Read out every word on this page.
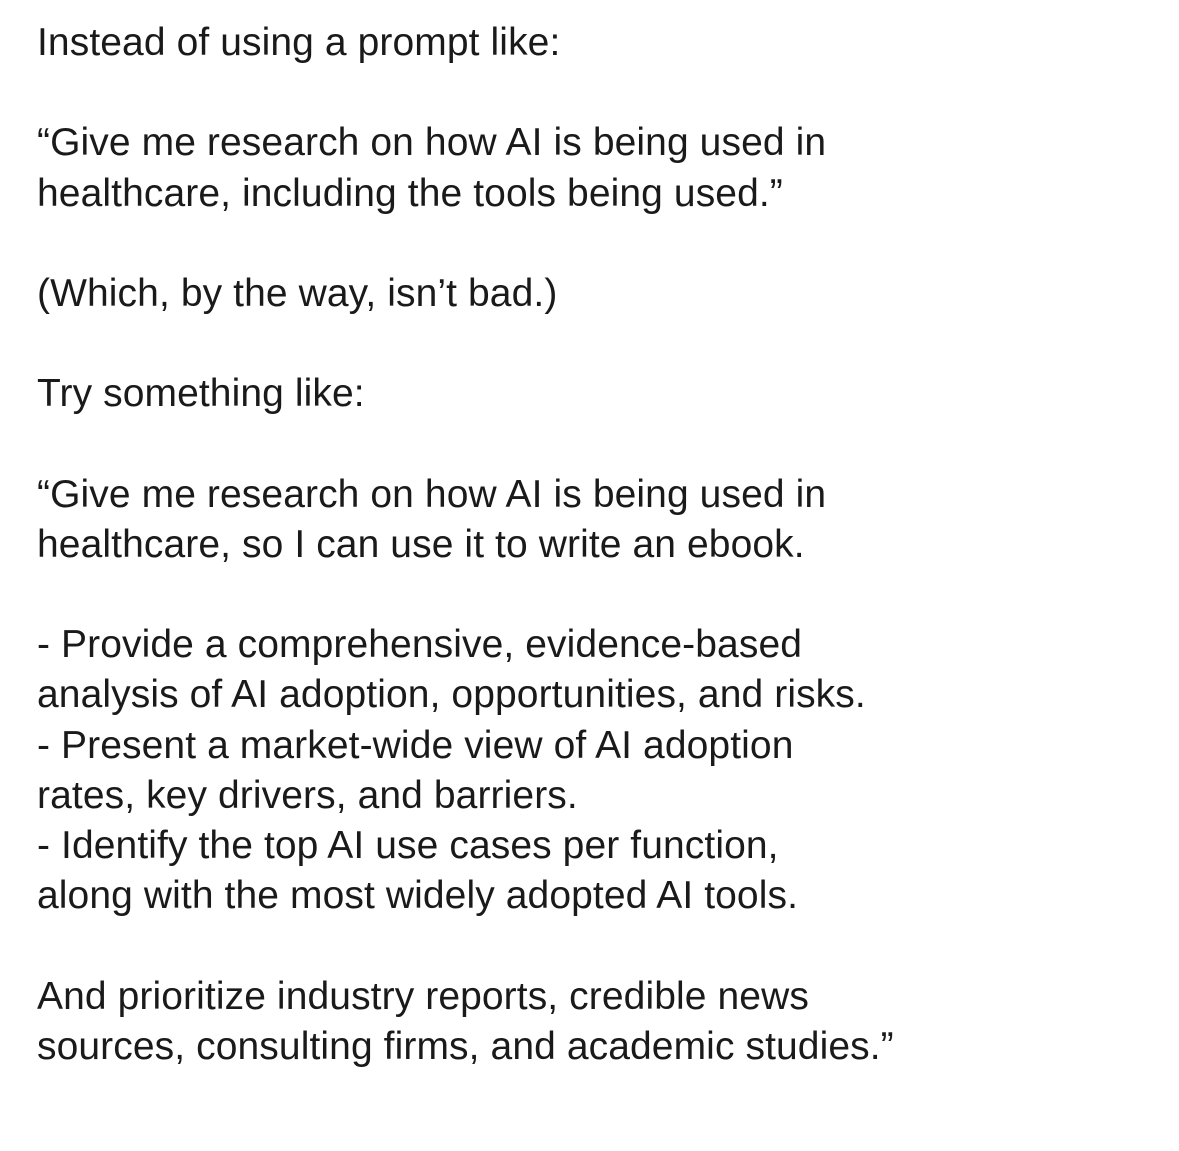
Instead of using a prompt like:
“Give me research on how AI is being used in
healthcare, including the tools being used.”
(Which, by the way, isn’t bad.)
Try something like:
“Give me research on how AI is being used in
healthcare, so I can use it to write an ebook.
- Provide a comprehensive, evidence-based
analysis of AI adoption, opportunities, and risks.
- Present a market-wide view of AI adoption
rates, key drivers, and barriers.
- Identify the top AI use cases per function,
along with the most widely adopted AI tools.
And prioritize industry reports, credible news
sources, consulting firms, and academic studies.”
